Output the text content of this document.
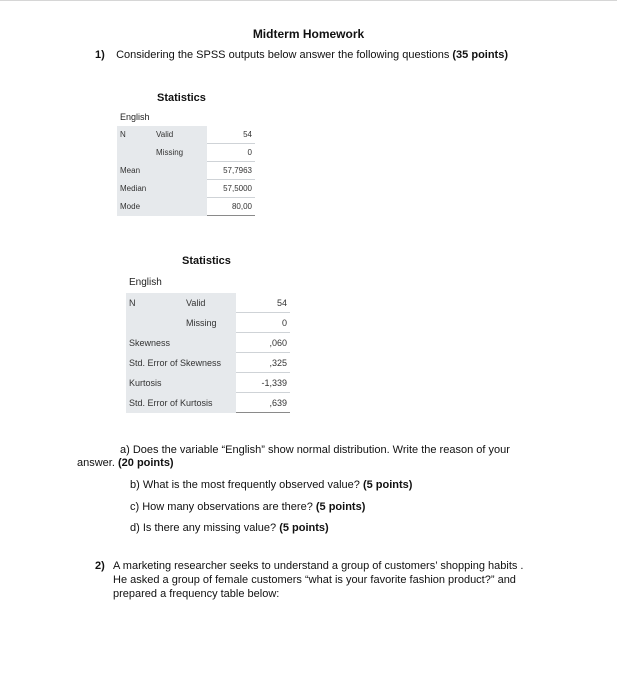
Midterm Homework
1) Considering the SPSS outputs below answer the following questions (35 points)
Statistics
English
N	Valid	54
	Missing	0
Mean		57,7963
Median		57,5000
Mode		80,00
Statistics
English
N	Valid	54
	Missing	0
Skewness		,060
Std. Error of Skewness		,325
Kurtosis		-1,339
Std. Error of Kurtosis		,639
a) Does the variable “English” show normal distribution. Write the reason of your
answer. (20 points)
b) What is the most frequently observed value? (5 points)
c) How many observations are there? (5 points)
d) Is there any missing value? (5 points)
2) A marketing researcher seeks to understand a group of customers’ shopping habits . He asked a group of female customers “what is your favorite fashion product?” and prepared a frequency table below:
